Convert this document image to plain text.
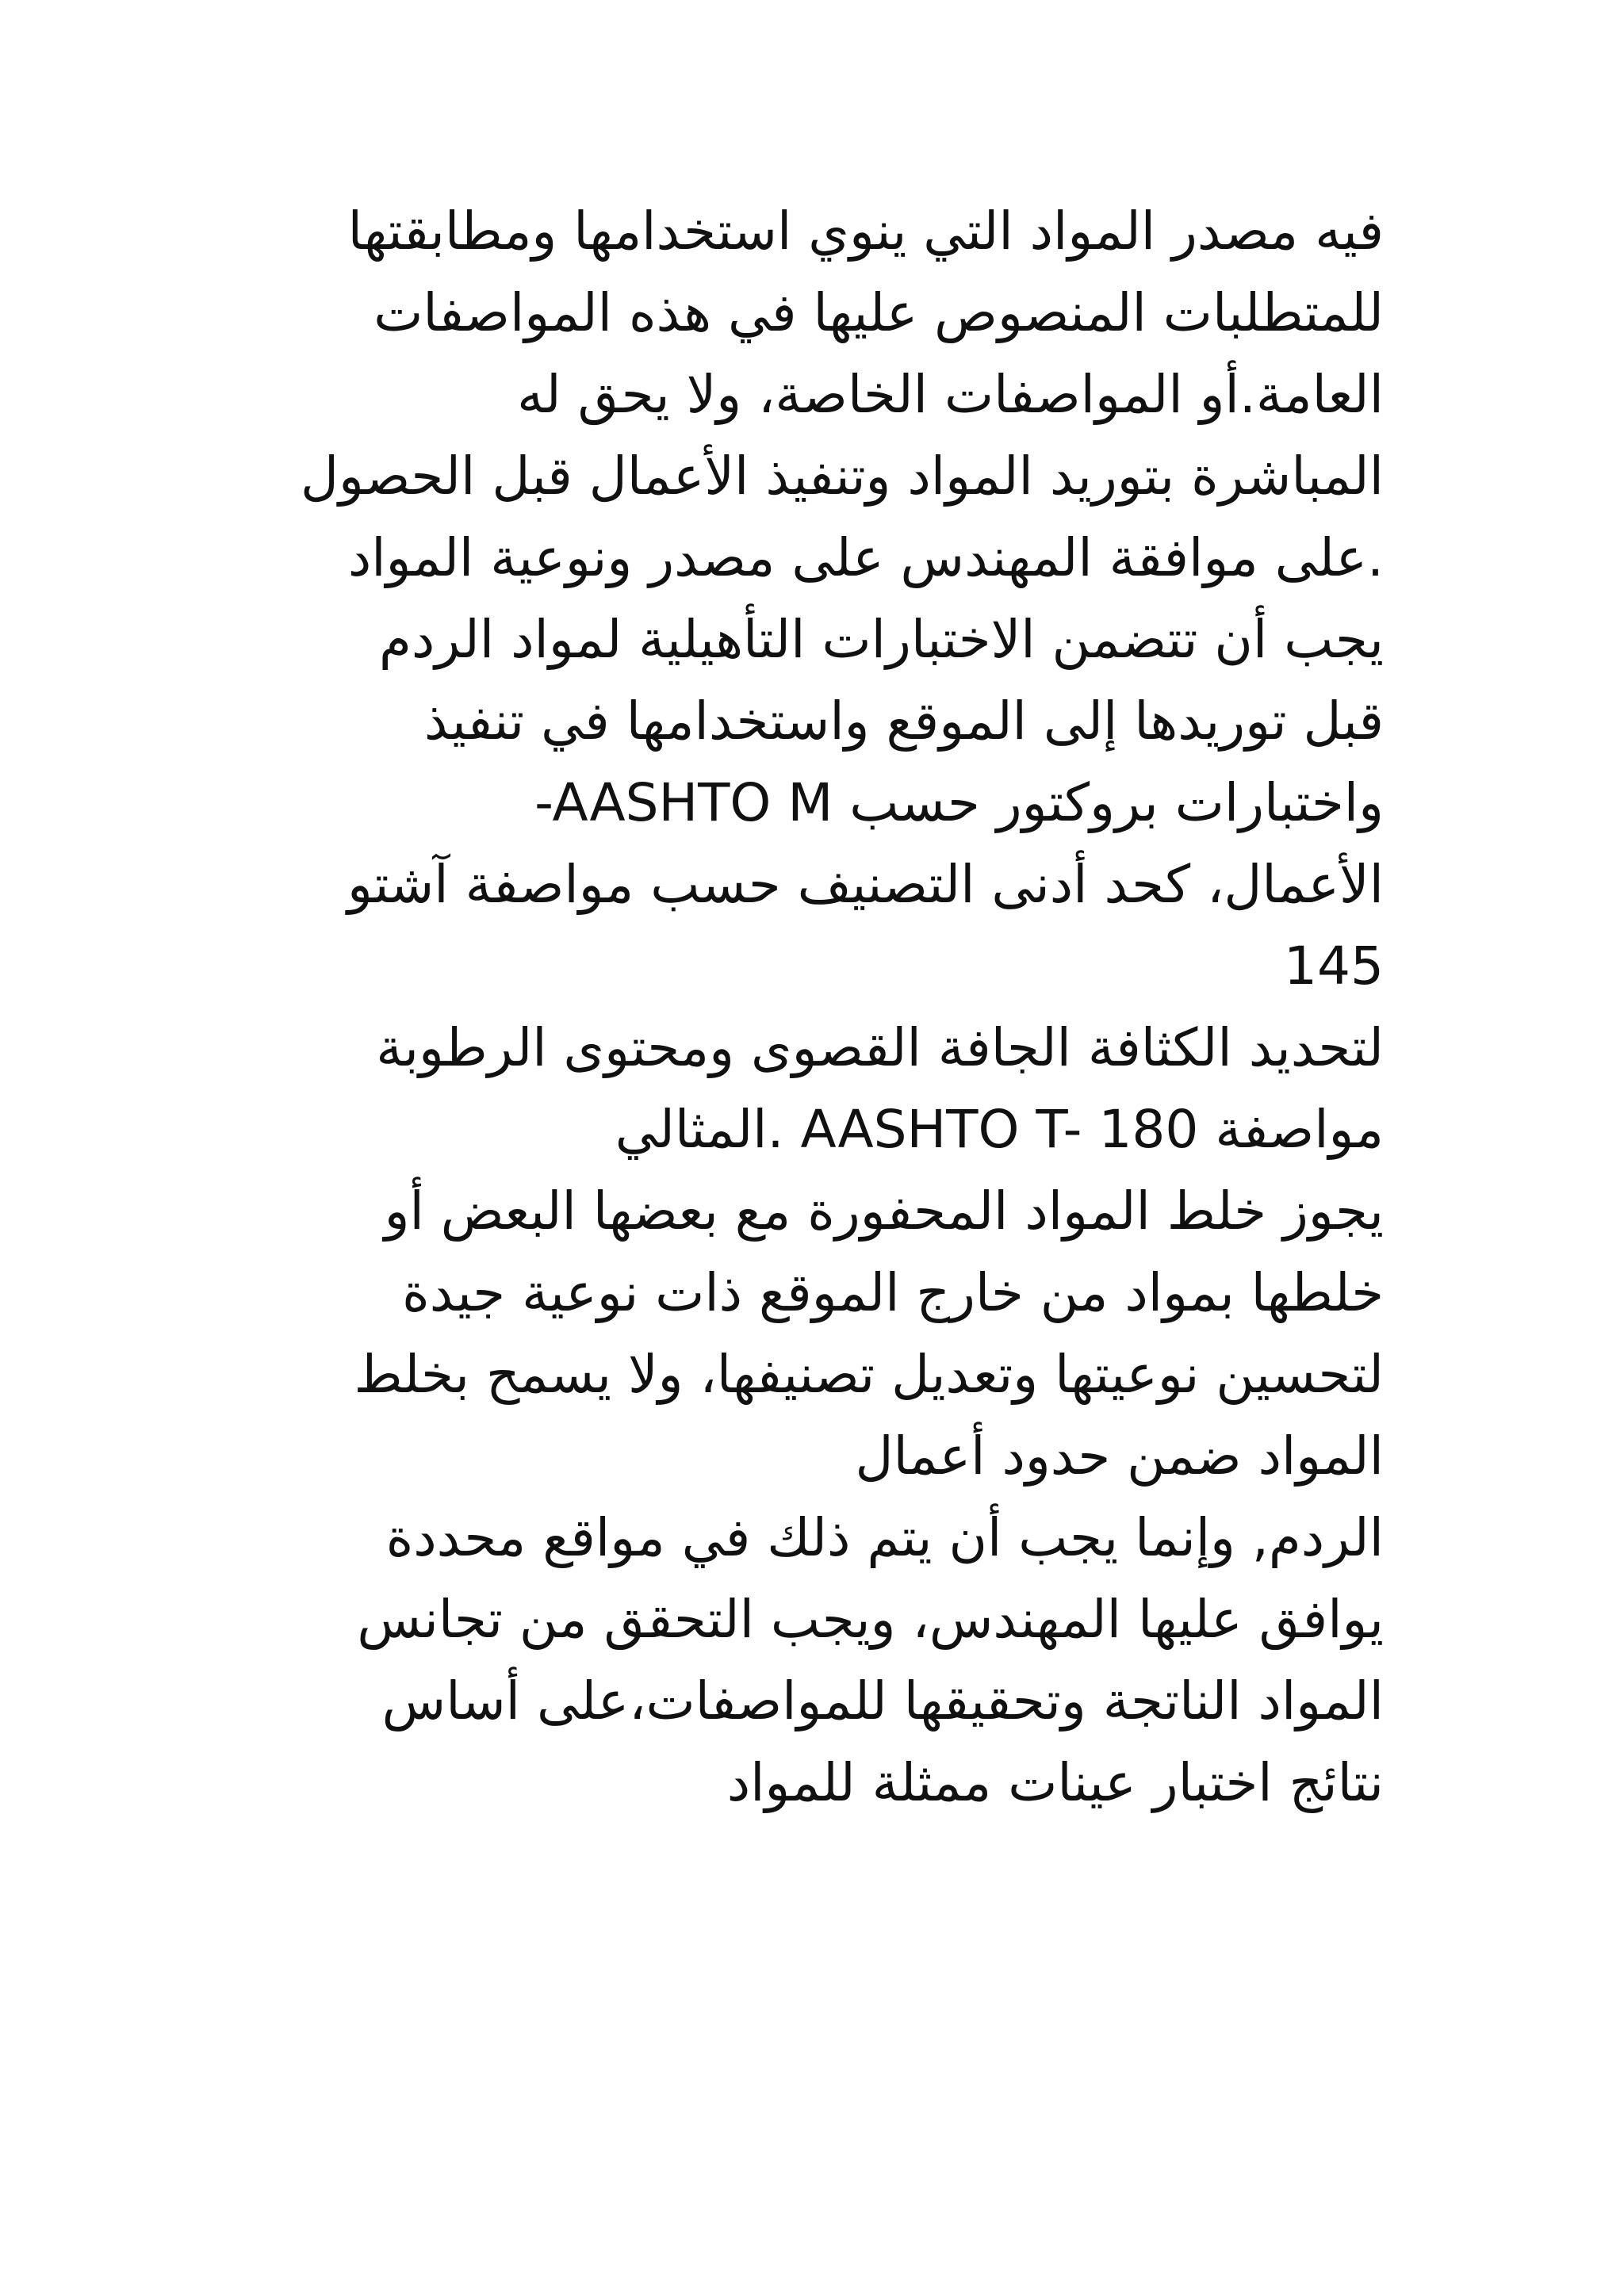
فيه مصدر المواد التي ينوي استخدامها ومطابقتها
للمتطلبات المنصوص عليها في هذه المواصفات
العامة.أو المواصفات الخاصة، ولا يحق له
المباشرة بتوريد المواد وتنفيذ الأعمال قبل الحصول
.على موافقة المهندس على مصدر ونوعية المواد
يجب أن تتضمن الاختبارات التأهيلية لمواد الردم
قبل توريدها إلى الموقع واستخدامها في تنفيذ
-AASHTO M واختبارات بروكتور حسب
الأعمال، كحد أدنى التصنيف حسب مواصفة آشتو
145
لتحديد الكثافة الجافة القصوى ومحتوى الرطوبة
مواصفة AASHTO T- 180 .المثالي
يجوز خلط المواد المحفورة مع بعضها البعض أو
خلطها بمواد من خارج الموقع ذات نوعية جيدة
لتحسين نوعيتها وتعديل تصنيفها، ولا يسمح بخلط
المواد ضمن حدود أعمال
الردم, وإنما يجب أن يتم ذلك في مواقع محددة
يوافق عليها المهندس، ويجب التحقق من تجانس
المواد الناتجة وتحقيقها للمواصفات،على أساس
نتائج اختبار عينات ممثلة للمواد
